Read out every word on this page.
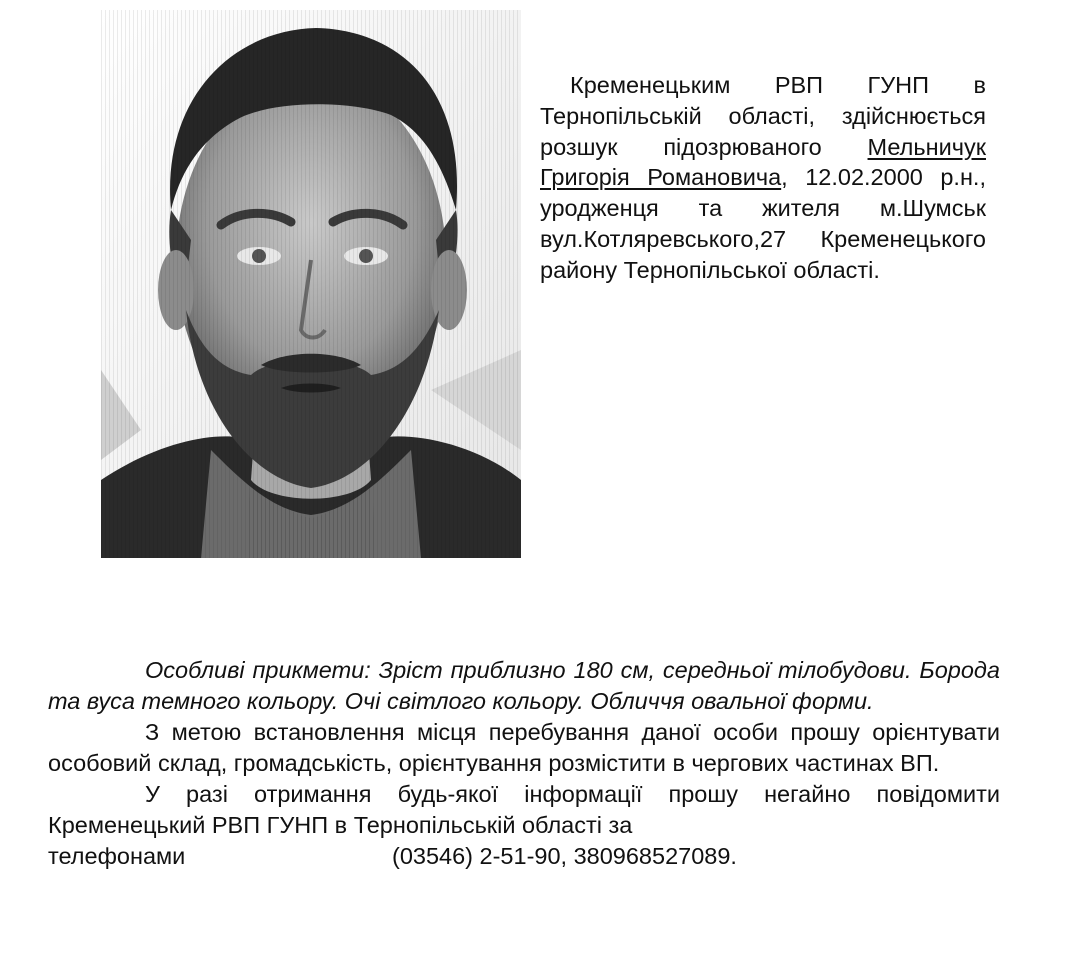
Кременецьким РВП ГУНП в Тернопільській області, здійснюється розшук підозрюваного Мельничук Григорія Романовича, 12.02.2000 р.н., уродженця та жителя м.Шумськ вул.Котляревського,27 Кременецького району Тернопільської області.

Особливі прикмети: Зріст приблизно 180 см, середньої тілобудови. Борода та вуса темного кольору. Очі світлого кольору. Обличчя овальної форми.

З метою встановлення місця перебування даної особи прошу орієнтувати особовий склад, громадськість, орієнтування розмістити в чергових частинах ВП.

У разі отримання будь-якої інформації прошу негайно повідомити Кременецький РВП ГУНП в Тернопільській області за

телефонами	(03546) 2-51-90, 380968527089.
